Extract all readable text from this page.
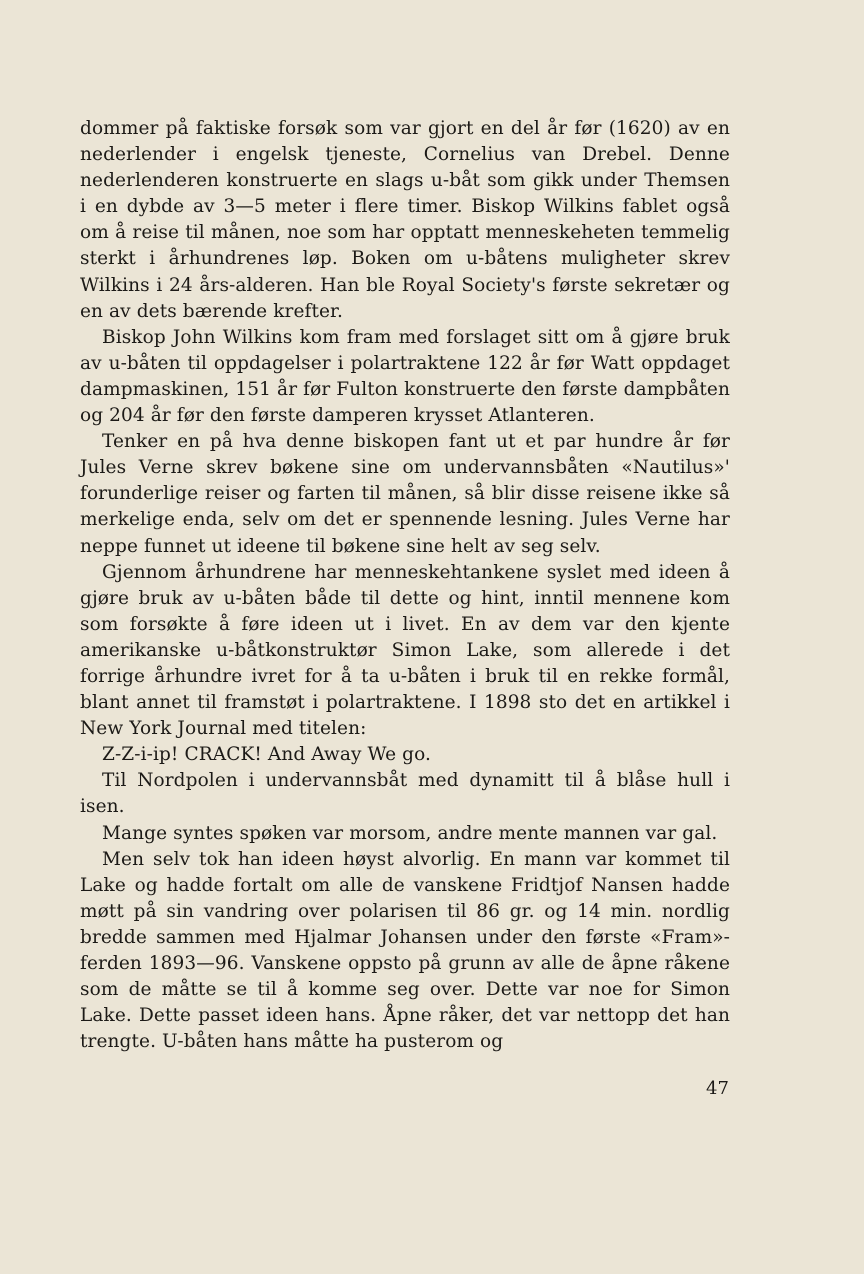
dommer på faktiske forsøk som var gjort en del år før (1620) av en nederlender i engelsk tjeneste, Cornelius van Drebel. Denne nederlenderen konstruerte en slags u-båt som gikk under Themsen i en dybde av 3—5 meter i flere timer. Biskop Wilkins fablet også om å reise til månen, noe som har opptatt menneskeheten temmelig sterkt i århundrenes løp. Boken om u-båtens muligheter skrev Wilkins i 24 års-alderen. Han ble Royal Society's første sekretær og en av dets bærende krefter.

Biskop John Wilkins kom fram med forslaget sitt om å gjøre bruk av u-båten til oppdagelser i polartraktene 122 år før Watt oppdaget dampmaskinen, 151 år før Fulton konstruerte den første dampbåten og 204 år før den første damperen krysset Atlanteren.

Tenker en på hva denne biskopen fant ut et par hundre år før Jules Verne skrev bøkene sine om undervannsbåten «Nautilus»' forunderlige reiser og farten til månen, så blir disse reisene ikke så merkelige enda, selv om det er spennende lesning. Jules Verne har neppe funnet ut ideene til bøkene sine helt av seg selv.

Gjennom århundrene har menneskehtankene syslet med ideen å gjøre bruk av u-båten både til dette og hint, inntil mennene kom som forsøkte å føre ideen ut i livet. En av dem var den kjente amerikanske u-båtkonstruktør Simon Lake, som allerede i det forrige århundre ivret for å ta u-båten i bruk til en rekke formål, blant annet til framstøt i polartraktene. I 1898 sto det en artikkel i New York Journal med titelen:

Z-Z-i-ip! CRACK! And Away We go.

Til Nordpolen i undervannsbåt med dynamitt til å blåse hull i isen.

Mange syntes spøken var morsom, andre mente mannen var gal.

Men selv tok han ideen høyst alvorlig. En mann var kommet til Lake og hadde fortalt om alle de vanskene Fridtjof Nansen hadde møtt på sin vandring over polarisen til 86 gr. og 14 min. nordlig bredde sammen med Hjalmar Johansen under den første «Fram»-ferden 1893—96. Vanskene oppsto på grunn av alle de åpne råkene som de måtte se til å komme seg over. Dette var noe for Simon Lake. Dette passet ideen hans. Åpne råker, det var nettopp det han trengte. U-båten hans måtte ha pusterom og

47
